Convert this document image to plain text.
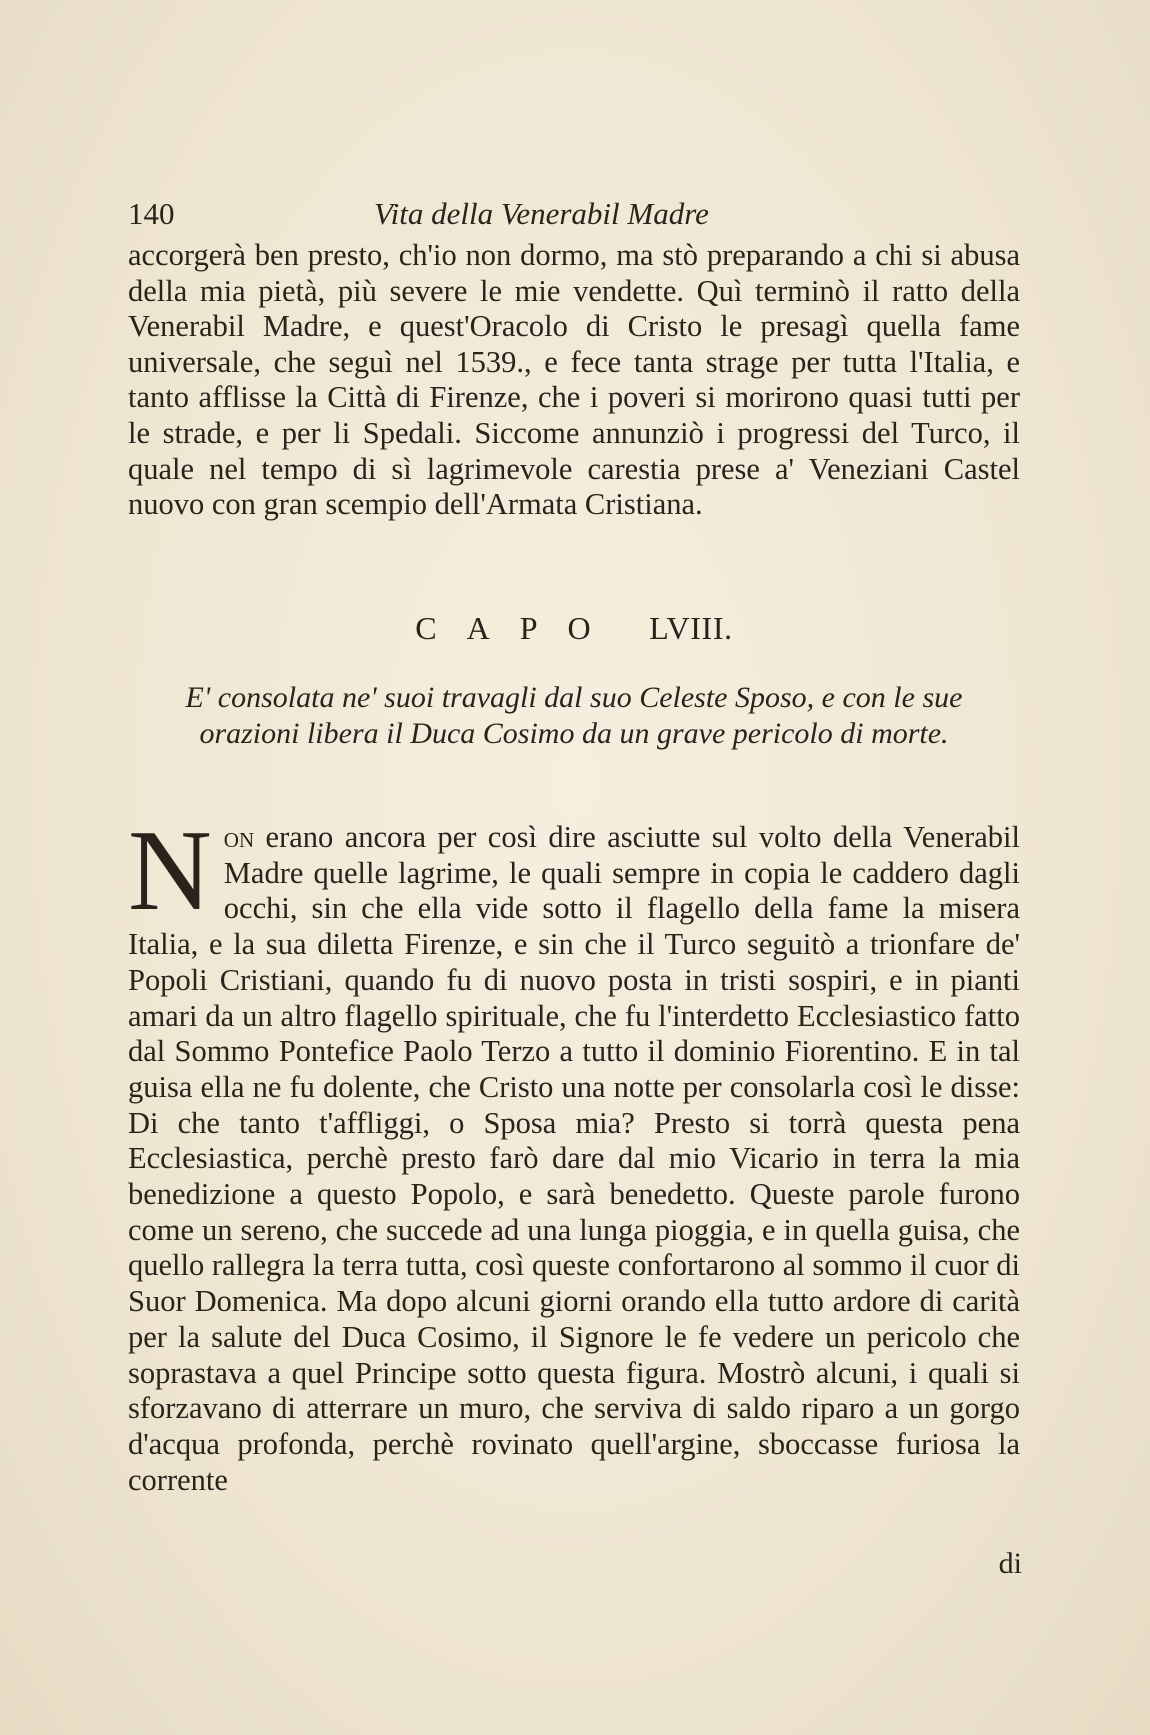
140	Vita della Venerabil Madre

accorgerà ben presto, ch'io non dormo, ma stò preparando a chi si abusa della mia pietà, più severe le mie vendette. Quì terminò il ratto della Venerabil Madre, e quest'Oracolo di Cristo le presagì quella fame universale, che seguì nel 1539., e fece tanta strage per tutta l'Italia, e tanto afflisse la Città di Firenze, che i poveri si morirono quasi tutti per le strade, e per li Spedali. Siccome annunziò i progressi del Turco, il quale nel tempo di sì lagrimevole carestia prese a' Veneziani Castel nuovo con gran scempio dell'Armata Cristiana.

CAPO LVIII.

E' consolata ne' suoi travagli dal suo Celeste Sposo, e con le sue orazioni libera il Duca Cosimo da un grave pericolo di morte.

Non erano ancora per così dire asciutte sul volto della Venerabil Madre quelle lagrime, le quali sempre in copia le caddero dagli occhi, sin che ella vide sotto il flagello della fame la misera Italia, e la sua diletta Firenze, e sin che il Turco seguitò a trionfare de' Popoli Cristiani, quando fu di nuovo posta in tristi sospiri, e in pianti amari da un altro flagello spirituale, che fu l'interdetto Ecclesiastico fatto dal Sommo Pontefice Paolo Terzo a tutto il dominio Fiorentino. E in tal guisa ella ne fu dolente, che Cristo una notte per consolarla così le disse: Di che tanto t'affliggi, o Sposa mia? Presto si torrà questa pena Ecclesiastica, perchè presto farò dare dal mio Vicario in terra la mia benedizione a questo Popolo, e sarà benedetto. Queste parole furono come un sereno, che succede ad una lunga pioggia, e in quella guisa, che quello rallegra la terra tutta, così queste confortarono al sommo il cuor di Suor Domenica. Ma dopo alcuni giorni orando ella tutto ardore di carità per la salute del Duca Cosimo, il Signore le fe vedere un pericolo che soprastava a quel Principe sotto questa figura. Mostrò alcuni, i quali si sforzavano di atterrare un muro, che serviva di saldo riparo a un gorgo d'acqua profonda, perchè rovinato quell'argine, sboccasse furiosa la corrente
di
